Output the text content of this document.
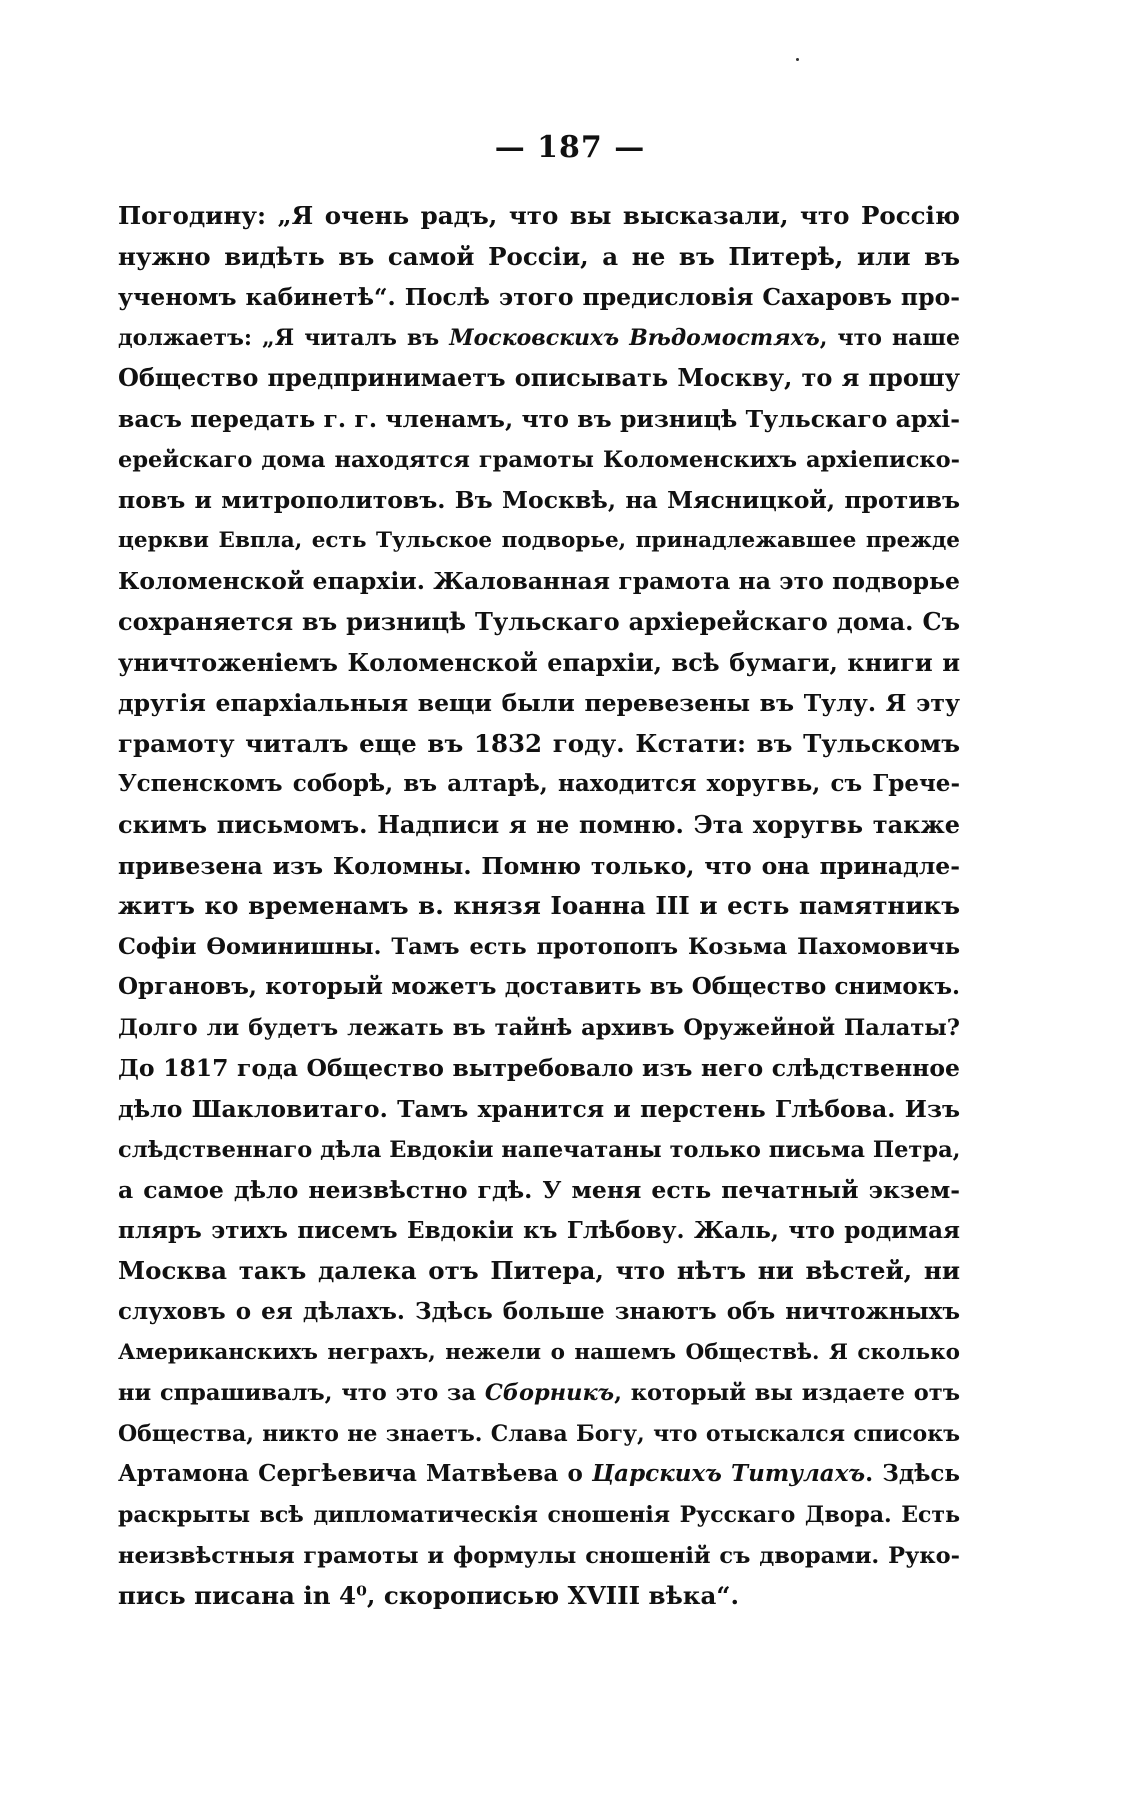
— 187 —
Погодину: „Я очень радъ, что вы высказали, что Россію
нужно видѣть въ самой Россіи, а не въ Питерѣ, или въ
ученомъ кабинетѣ“. Послѣ этого предисловія Сахаровъ про-
должаетъ: „Я читалъ въ Московскихъ Вѣдомостяхъ, что наше
Общество предпринимаетъ описывать Москву, то я прошу
васъ передать г. г. членамъ, что въ ризницѣ Тульскаго архі-
ерейскаго дома находятся грамоты Коломенскихъ архіеписко-
повъ и митрополитовъ. Въ Москвѣ, на Мясницкой, противъ
церкви Евпла, есть Тульское подворье, принадлежавшее прежде
Коломенской епархіи. Жалованная грамота на это подворье
сохраняется въ ризницѣ Тульскаго архіерейскаго дома. Съ
уничтоженіемъ Коломенской епархіи, всѣ бумаги, книги и
другія епархіальныя вещи были перевезены въ Тулу. Я эту
грамоту читалъ еще въ 1832 году. Кстати: въ Тульскомъ
Успенскомъ соборѣ, въ алтарѣ, находится хоругвь, съ Грече-
скимъ письмомъ. Надписи я не помню. Эта хоругвь также
привезена изъ Коломны. Помню только, что она принадле-
житъ ко временамъ в. князя Іоанна III и есть памятникъ
Софіи Ѳоминишны. Тамъ есть протопопъ Козьма Пахомовичь
Органовъ, который можетъ доставить въ Общество снимокъ.
Долго ли будетъ лежать въ тайнѣ архивъ Оружейной Палаты?
До 1817 года Общество вытребовало изъ него слѣдственное
дѣло Шакловитаго. Тамъ хранится и перстень Глѣбова. Изъ
слѣдственнаго дѣла Евдокіи напечатаны только письма Петра,
а самое дѣло неизвѣстно гдѣ. У меня есть печатный экзем-
пляръ этихъ писемъ Евдокіи къ Глѣбову. Жаль, что родимая
Москва такъ далека отъ Питера, что нѣтъ ни вѣстей, ни
слуховъ о ея дѣлахъ. Здѣсь больше знаютъ объ ничтожныхъ
Американскихъ неграхъ, нежели о нашемъ Обществѣ. Я сколько
ни спрашивалъ, что это за Сборникъ, который вы издаете отъ
Общества, никто не знаетъ. Слава Богу, что отыскался списокъ
Артамона Сергѣевича Матвѣева о Царскихъ Титулахъ. Здѣсь
раскрыты всѣ дипломатическія сношенія Русскаго Двора. Есть
неизвѣстныя грамоты и формулы сношеній съ дворами. Руко-
пись писана in 4⁰, скорописью XVIII вѣка“.
